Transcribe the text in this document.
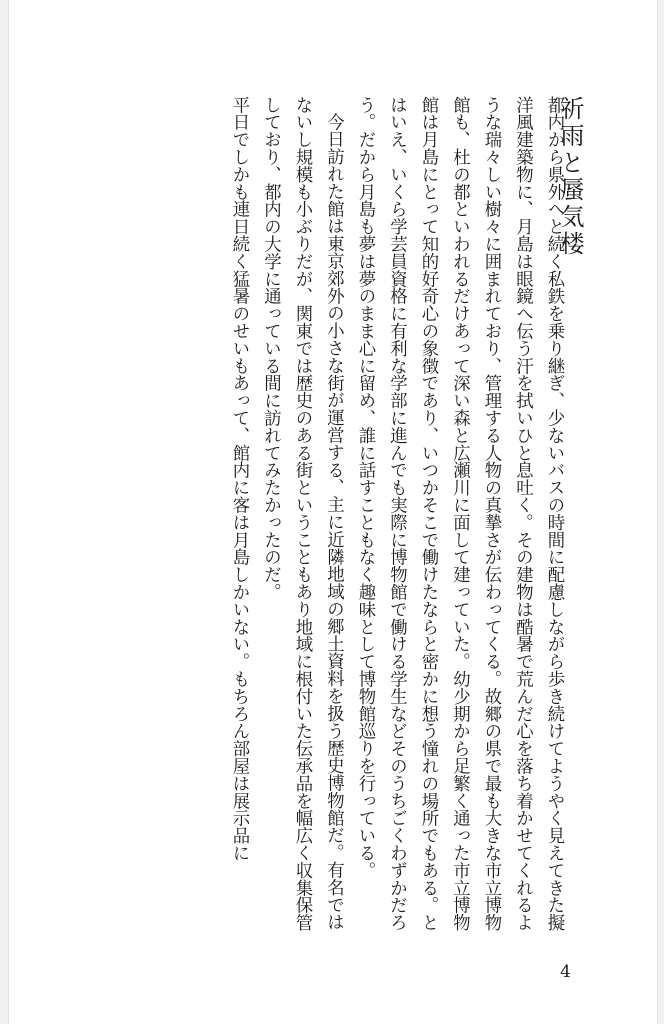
祈雨と蜃気楼

都内から県外へと続く私鉄を乗り継ぎ、少ないバスの時間に配慮しながら歩き続けてようやく見えてきた擬洋風建築物に、月島は眼鏡へ伝う汗を拭いひと息吐く。その建物は酷暑で荒んだ心を落ち着かせてくれるような瑞々しい樹々に囲まれており、管理する人物の真摯さが伝わってくる。故郷の県で最も大きな市立博物館も、杜の都といわれるだけあって深い森と広瀬川に面して建っていた。幼少期から足繁く通った市立博物館は月島にとって知的好奇心の象徴であり、いつかそこで働けたならと密かに想う憧れの場所でもある。とはいえ、いくら学芸員資格に有利な学部に進んでも実際に博物館で働ける学生などそのうちごくわずかだろう。だから月島も夢は夢のまま心に留め、誰に話すこともなく趣味として博物館巡りを行っている。

今日訪れた館は東京郊外の小さな街が運営する、主に近隣地域の郷土資料を扱う歴史博物館だ。有名ではないし規模も小ぶりだが、関東では歴史のある街ということもあり地域に根付いた伝承品を幅広く収集保管しており、都内の大学に通っている間に訪れてみたかったのだ。

平日でしかも連日続く猛暑のせいもあって、館内に客は月島しかいない。もちろん部屋は展示品に

4
